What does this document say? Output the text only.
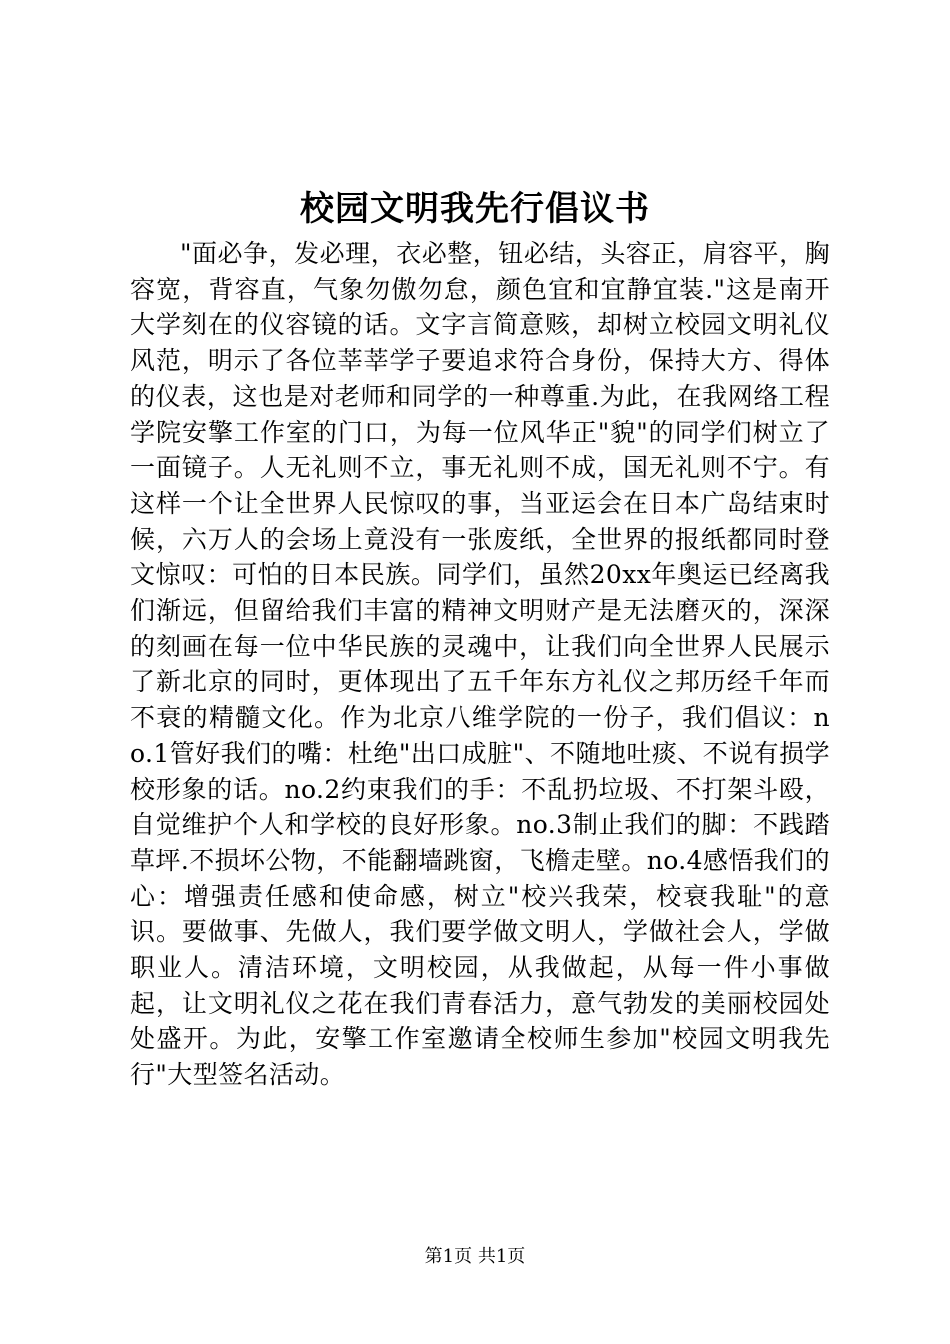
校园文明我先行倡议书

"面必争，发必理，衣必整，钮必结，头容正，肩容平，胸容宽，背容直，气象勿傲勿怠，颜色宜和宜静宜装."这是南开大学刻在的仪容镜的话。文字言简意赅，却树立校园文明礼仪风范，明示了各位莘莘学子要追求符合身份，保持大方、得体的仪表，这也是对老师和同学的一种尊重.为此，在我网络工程学院安擎工作室的门口，为每一位风华正"貌"的同学们树立了一面镜子。人无礼则不立，事无礼则不成，国无礼则不宁。有这样一个让全世界人民惊叹的事，当亚运会在日本广岛结束时候，六万人的会场上竟没有一张废纸，全世界的报纸都同时登文惊叹：可怕的日本民族。同学们，虽然20xx年奥运已经离我们渐远，但留给我们丰富的精神文明财产是无法磨灭的，深深的刻画在每一位中华民族的灵魂中，让我们向全世界人民展示了新北京的同时，更体现出了五千年东方礼仪之邦历经千年而不衰的精髓文化。作为北京八维学院的一份子，我们倡议：no.1管好我们的嘴：杜绝"出口成脏"、不随地吐痰、不说有损学校形象的话。no.2约束我们的手：不乱扔垃圾、不打架斗殴，自觉维护个人和学校的良好形象。no.3制止我们的脚：不践踏草坪.不损坏公物，不能翻墙跳窗，飞檐走壁。no.4感悟我们的心：增强责任感和使命感，树立"校兴我荣，校衰我耻"的意识。要做事、先做人，我们要学做文明人，学做社会人，学做职业人。清洁环境，文明校园，从我做起，从每一件小事做起，让文明礼仪之花在我们青春活力，意气勃发的美丽校园处处盛开。为此，安擎工作室邀请全校师生参加"校园文明我先行"大型签名活动。

第1页 共1页
